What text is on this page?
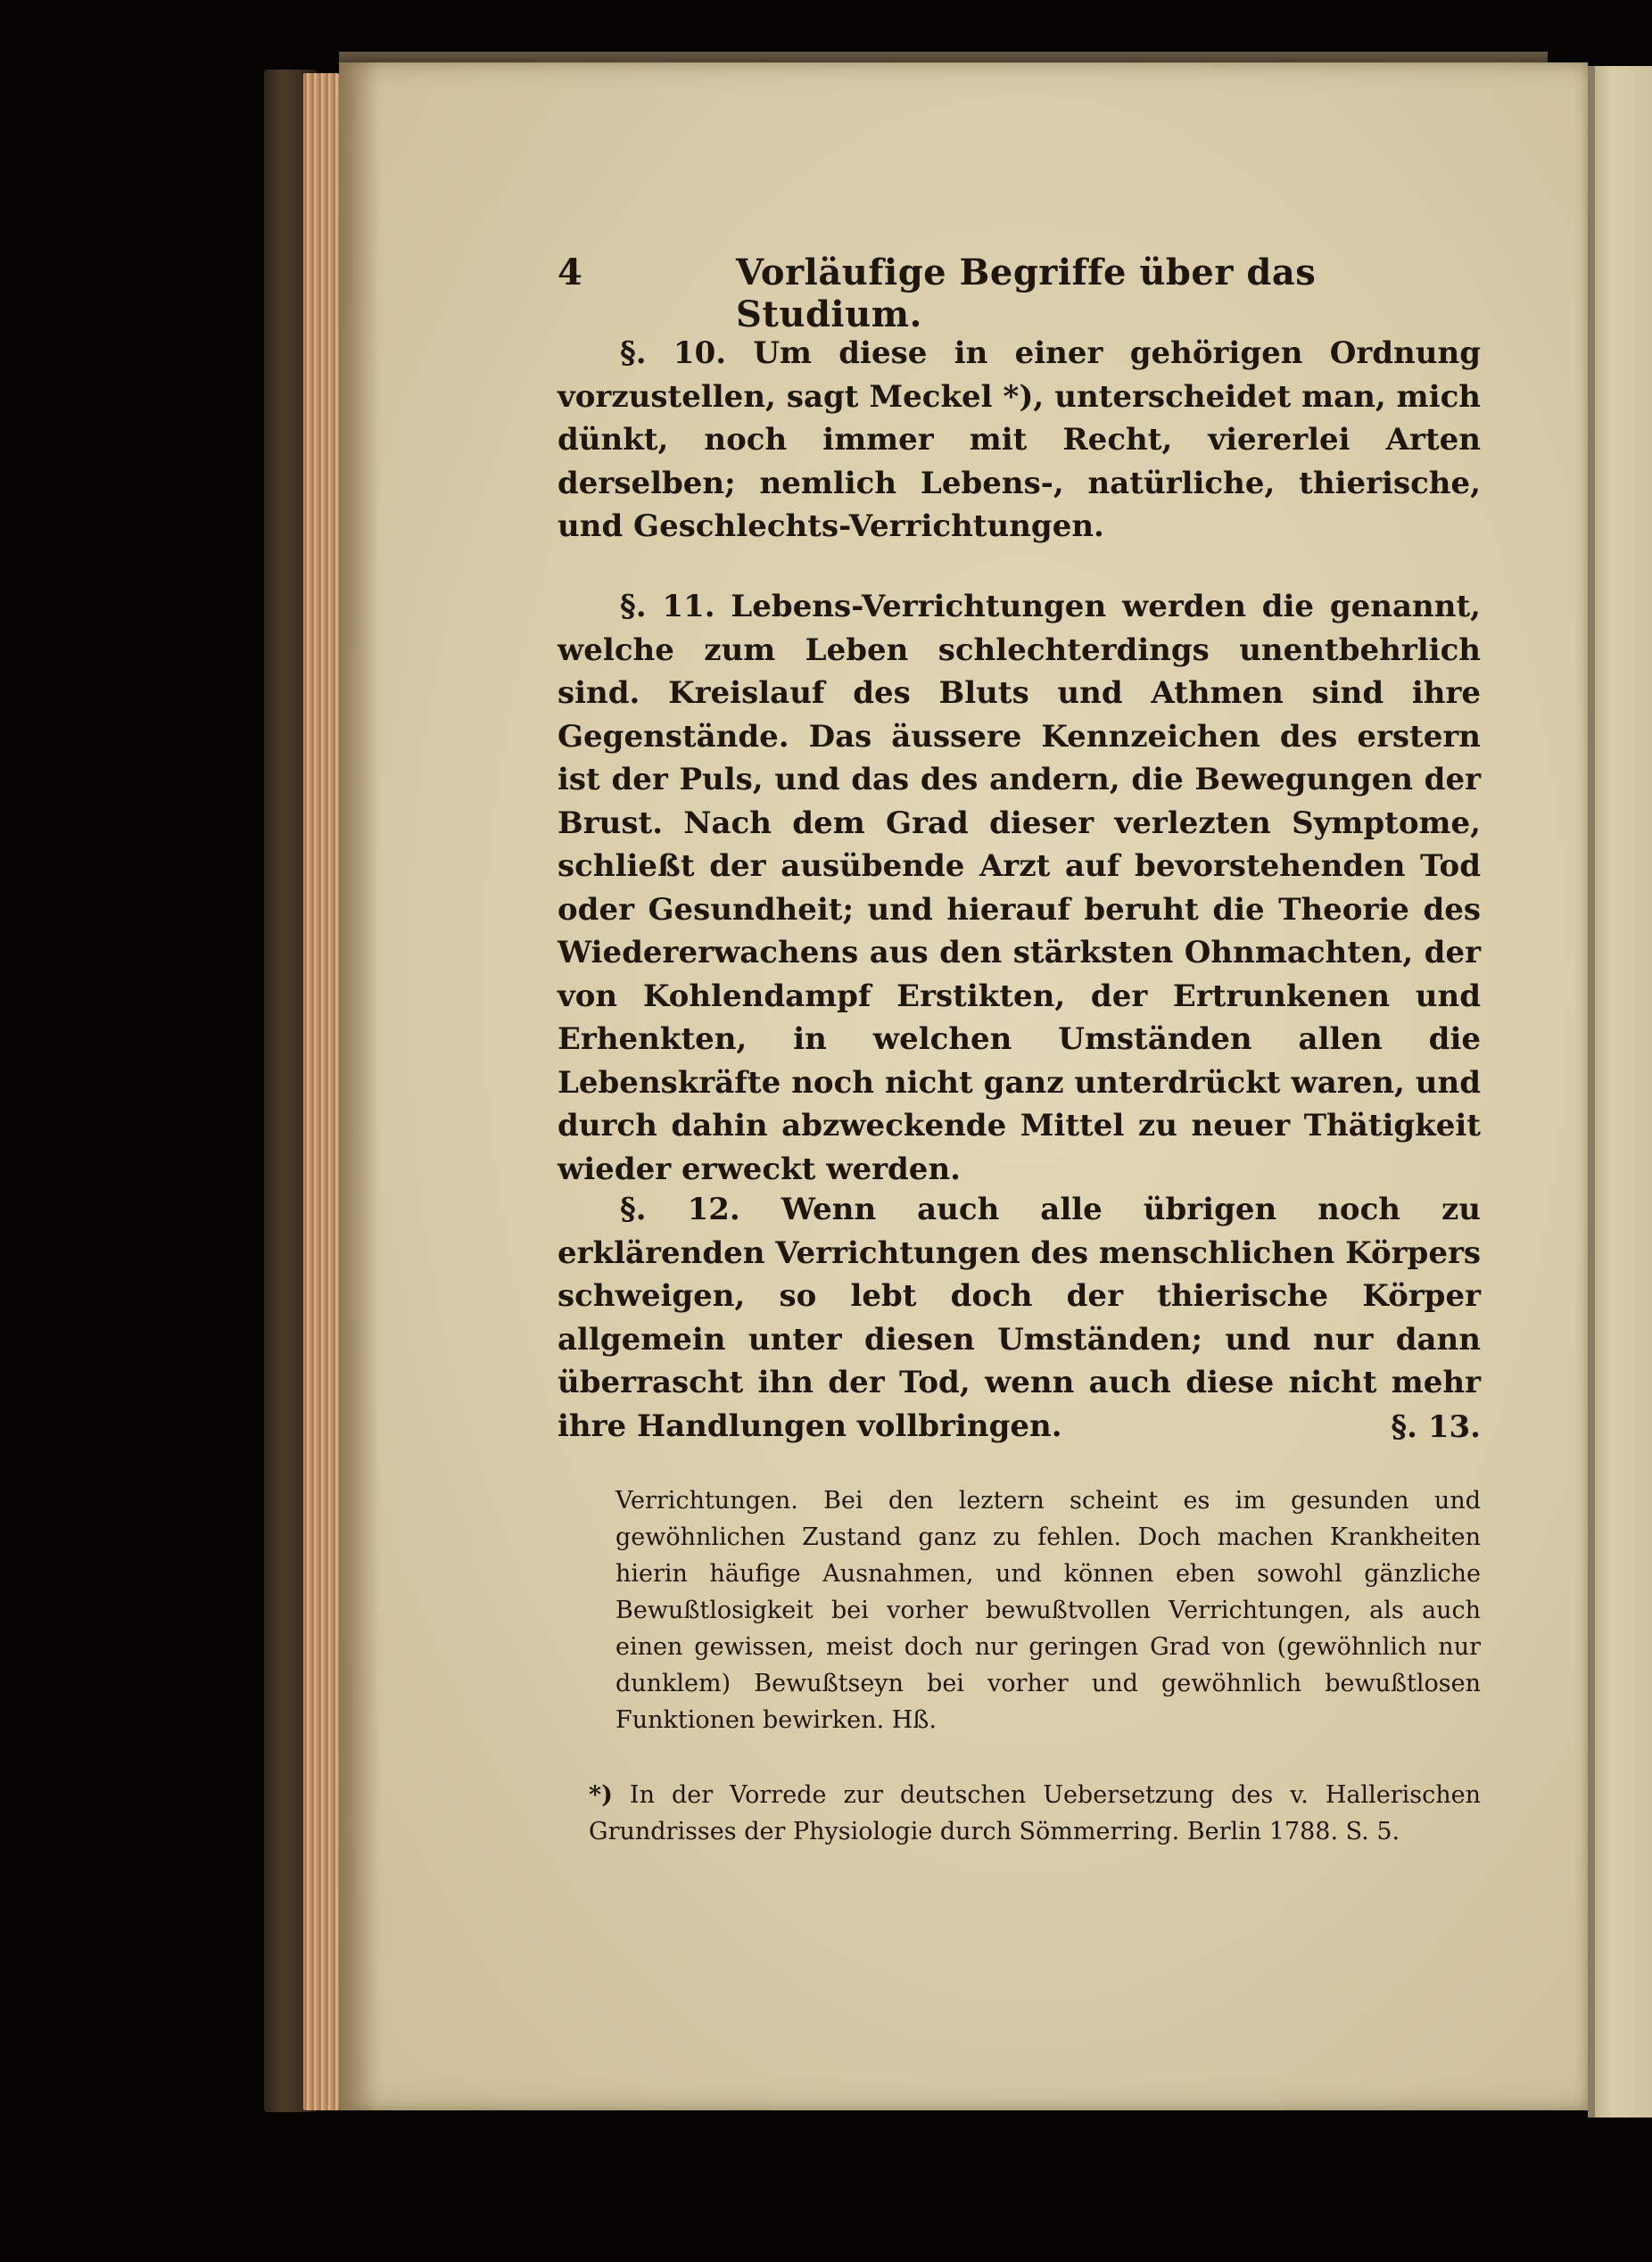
4	Vorläufige Begriffe über das Studium.

§. 10. Um diese in einer gehörigen Ordnung vorzustellen, sagt Meckel *), unterscheidet man, mich dünkt, noch immer mit Recht, viererlei Arten derselben; nemlich Lebens-, natürliche, thierische, und Geschlechts-Verrichtungen.

§. 11. Lebens-Verrichtungen werden die genannt, welche zum Leben schlechterdings unentbehrlich sind. Kreislauf des Bluts und Athmen sind ihre Gegenstände. Das äussere Kennzeichen des erstern ist der Puls, und das des andern, die Bewegungen der Brust. Nach dem Grad dieser verlezten Symptome, schließt der ausübende Arzt auf bevorstehenden Tod oder Gesundheit; und hierauf beruht die Theorie des Wiedererwachens aus den stärksten Ohnmachten, der von Kohlendampf Erstikten, der Ertrunkenen und Erhenkten, in welchen Umständen allen die Lebenskräfte noch nicht ganz unterdrückt waren, und durch dahin abzweckende Mittel zu neuer Thätigkeit wieder erweckt werden.

§. 12. Wenn auch alle übrigen noch zu erklärenden Verrichtungen des menschlichen Körpers schweigen, so lebt doch der thierische Körper allgemein unter diesen Umständen; und nur dann überrascht ihn der Tod, wenn auch diese nicht mehr ihre Handlungen vollbringen.	§. 13.
Verrichtungen. Bei den leztern scheint es im gesunden und gewöhnlichen Zustand ganz zu fehlen. Doch machen Krankheiten hierin häufige Ausnahmen, und können eben sowohl gänzliche Bewußtlosigkeit bei vorher bewußtvollen Verrichtungen, als auch einen gewissen, meist doch nur geringen Grad von (gewöhnlich nur dunklem) Bewußtseyn bei vorher und gewöhnlich bewußtlosen Funktionen bewirken. Hß.
*) In der Vorrede zur deutschen Uebersetzung des v. Hallerischen Grundrisses der Physiologie durch Sömmerring. Berlin 1788. S. 5.
